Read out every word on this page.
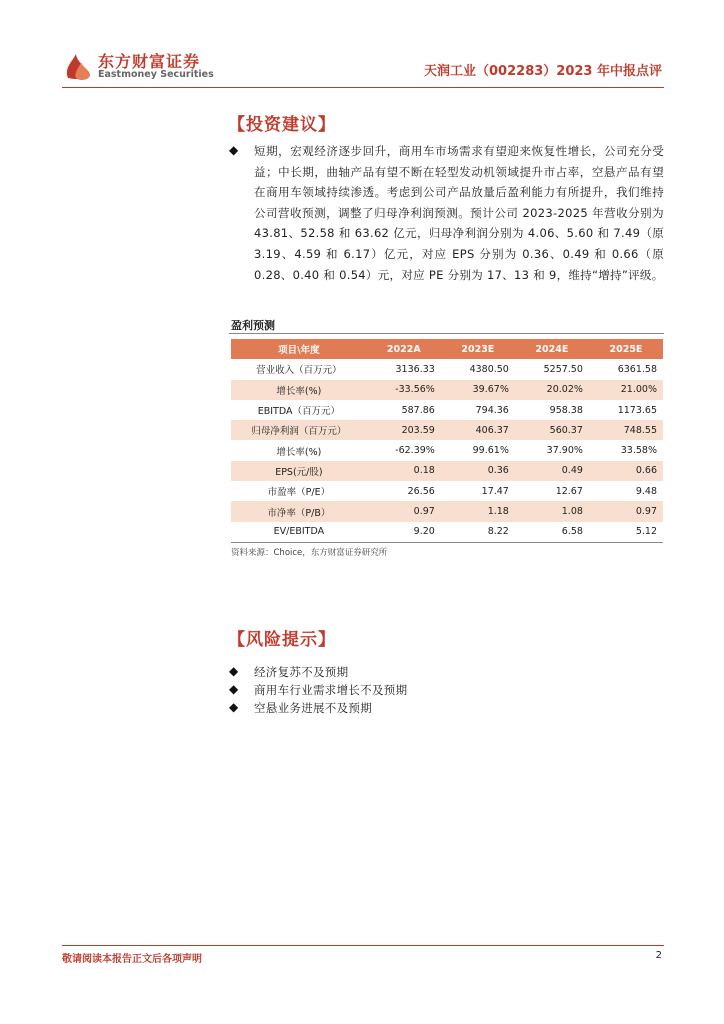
东方财富证券
Eastmoney Securities	天润工业（002283）2023 年中报点评
【投资建议】
◆ 短期，宏观经济逐步回升，商用车市场需求有望迎来恢复性增长，公司充分受益；中长期，曲轴产品有望不断在轻型发动机领域提升市占率，空悬产品有望在商用车领域持续渗透。考虑到公司产品放量后盈利能力有所提升，我们维持公司营收预测，调整了归母净利润预测。预计公司 2023-2025 年营收分别为 43.81、52.58 和 63.62 亿元，归母净利润分别为 4.06、5.60 和 7.49（原 3.19、4.59 和 6.17）亿元，对应 EPS 分别为 0.36、0.49 和 0.66（原 0.28、0.40 和 0.54）元，对应 PE 分别为 17、13 和 9，维持“增持”评级。
盈利预测
项目\年度	2022A	2023E	2024E	2025E
营业收入（百万元）	3136.33	4380.50	5257.50	6361.58
增长率(%)	-33.56%	39.67%	20.02%	21.00%
EBITDA（百万元）	587.86	794.36	958.38	1173.65
归母净利润（百万元）	203.59	406.37	560.37	748.55
增长率(%)	-62.39%	99.61%	37.90%	33.58%
EPS(元/股)	0.18	0.36	0.49	0.66
市盈率（P/E）	26.56	17.47	12.67	9.48
市净率（P/B）	0.97	1.18	1.08	0.97
EV/EBITDA	9.20	8.22	6.58	5.12
资料来源：Choice，东方财富证券研究所
【风险提示】
◆ 经济复苏不及预期
◆ 商用车行业需求增长不及预期
◆ 空悬业务进展不及预期
敬请阅读本报告正文后各项声明	2
